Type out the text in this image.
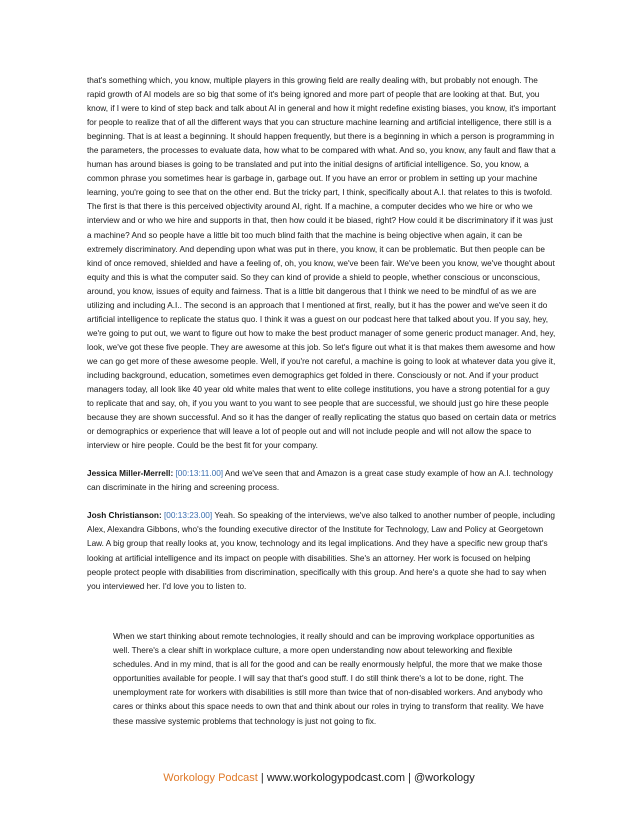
that's something which, you know, multiple players in this growing field are really dealing with, but probably not enough. The rapid growth of AI models are so big that some of it's being ignored and more part of people that are looking at that. But, you know, if I were to kind of step back and talk about AI in general and how it might redefine existing biases, you know, it's important for people to realize that of all the different ways that you can structure machine learning and artificial intelligence, there still is a beginning. That is at least a beginning. It should happen frequently, but there is a beginning in which a person is programming in the parameters, the processes to evaluate data, how what to be compared with what. And so, you know, any fault and flaw that a human has around biases is going to be translated and put into the initial designs of artificial intelligence. So, you know, a common phrase you sometimes hear is garbage in, garbage out. If you have an error or problem in setting up your machine learning, you're going to see that on the other end. But the tricky part, I think, specifically about A.I. that relates to this is twofold. The first is that there is this perceived objectivity around AI, right. If a machine, a computer decides who we hire or who we interview and or who we hire and supports in that, then how could it be biased, right? How could it be discriminatory if it was just a machine? And so people have a little bit too much blind faith that the machine is being objective when again, it can be extremely discriminatory. And depending upon what was put in there, you know, it can be problematic. But then people can be kind of once removed, shielded and have a feeling of, oh, you know, we've been fair. We've been you know, we've thought about equity and this is what the computer said. So they can kind of provide a shield to people, whether conscious or unconscious, around, you know, issues of equity and fairness. That is a little bit dangerous that I think we need to be mindful of as we are utilizing and including A.I.. The second is an approach that I mentioned at first, really, but it has the power and we've seen it do artificial intelligence to replicate the status quo. I think it was a guest on our podcast here that talked about you. If you say, hey, we're going to put out, we want to figure out how to make the best product manager of some generic product manager. And, hey, look, we've got these five people. They are awesome at this job. So let's figure out what it is that makes them awesome and how we can go get more of these awesome people. Well, if you're not careful, a machine is going to look at whatever data you give it, including background, education, sometimes even demographics get folded in there. Consciously or not. And if your product managers today, all look like 40 year old white males that went to elite college institutions, you have a strong potential for a guy to replicate that and say, oh, if you you want to you want to see people that are successful, we should just go hire these people because they are shown successful. And so it has the danger of really replicating the status quo based on certain data or metrics or demographics or experience that will leave a lot of people out and will not include people and will not allow the space to interview or hire people. Could be the best fit for your company.

Jessica Miller-Merrell: [00:13:11.00] And we've seen that and Amazon is a great case study example of how an A.I. technology can discriminate in the hiring and screening process.

Josh Christianson: [00:13:23.00] Yeah. So speaking of the interviews, we've also talked to another number of people, including Alex, Alexandra Gibbons, who's the founding executive director of the Institute for Technology, Law and Policy at Georgetown Law. A big group that really looks at, you know, technology and its legal implications. And they have a specific new group that's looking at artificial intelligence and its impact on people with disabilities. She's an attorney. Her work is focused on helping people protect people with disabilities from discrimination, specifically with this group. And here's a quote she had to say when you interviewed her. I'd love you to listen to.

When we start thinking about remote technologies, it really should and can be improving workplace opportunities as well. There's a clear shift in workplace culture, a more open understanding now about teleworking and flexible schedules. And in my mind, that is all for the good and can be really enormously helpful, the more that we make those opportunities available for people. I will say that that's good stuff. I do still think there's a lot to be done, right. The unemployment rate for workers with disabilities is still more than twice that of non-disabled workers. And anybody who cares or thinks about this space needs to own that and think about our roles in trying to transform that reality. We have these massive systemic problems that technology is just not going to fix.

Workology Podcast | www.workologypodcast.com | @workology
